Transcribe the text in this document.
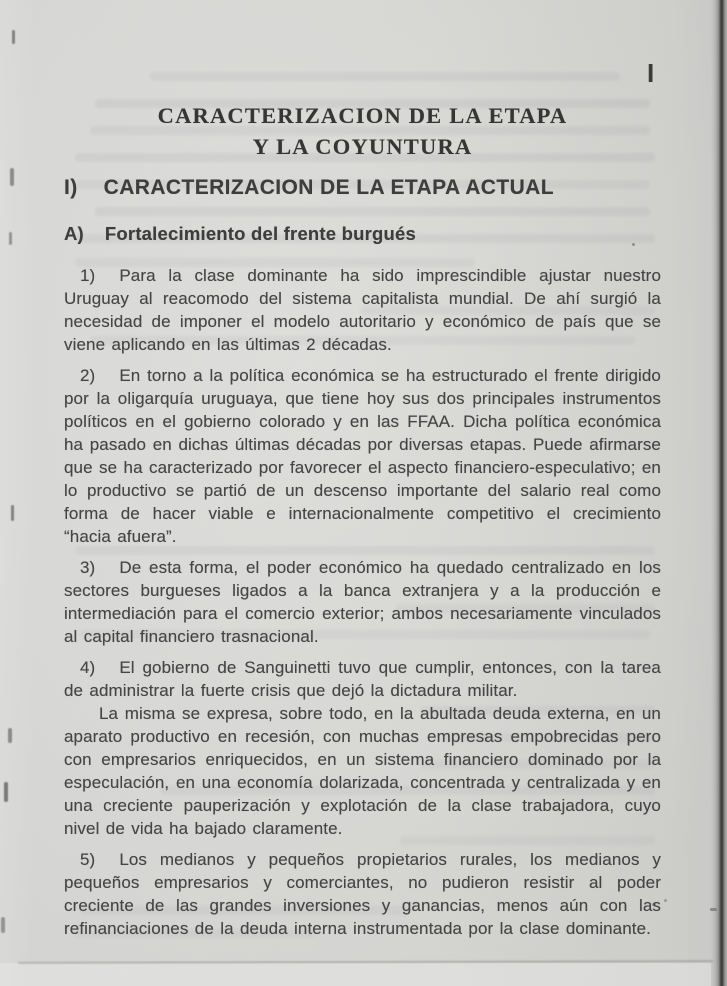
I
CARACTERIZACION DE LA ETAPA
Y LA COYUNTURA
I) CARACTERIZACION DE LA ETAPA ACTUAL
A) Fortalecimiento del frente burgués

1) Para la clase dominante ha sido imprescindible ajustar nuestro Uruguay al reacomodo del sistema capitalista mundial. De ahí surgió la necesidad de imponer el modelo autoritario y económico de país que se viene aplicando en las últimas 2 décadas.

2) En torno a la política económica se ha estructurado el frente dirigido por la oligarquía uruguaya, que tiene hoy sus dos principales instrumentos políticos en el gobierno colorado y en las FFAA. Dicha política económica ha pasado en dichas últimas décadas por diversas etapas. Puede afirmarse que se ha caracterizado por favorecer el aspecto financiero-especulativo; en lo productivo se partió de un descenso importante del salario real como forma de hacer viable e internacionalmente competitivo el crecimiento “hacia afuera”.

3) De esta forma, el poder económico ha quedado centralizado en los sectores burgueses ligados a la banca extranjera y a la producción e intermediación para el comercio exterior; ambos necesariamente vinculados al capital financiero trasnacional.

4) El gobierno de Sanguinetti tuvo que cumplir, entonces, con la tarea de administrar la fuerte crisis que dejó la dictadura militar.

La misma se expresa, sobre todo, en la abultada deuda externa, en un aparato productivo en recesión, con muchas empresas empobrecidas pero con empresarios enriquecidos, en un sistema financiero dominado por la especulación, en una economía dolarizada, concentrada y centralizada y en una creciente pauperización y explotación de la clase trabajadora, cuyo nivel de vida ha bajado claramente.

5) Los medianos y pequeños propietarios rurales, los medianos y pequeños empresarios y comerciantes, no pudieron resistir al poder creciente de las grandes inversiones y ganancias, menos aún con las refinanciaciones de la deuda interna instrumentada por la clase dominante.
